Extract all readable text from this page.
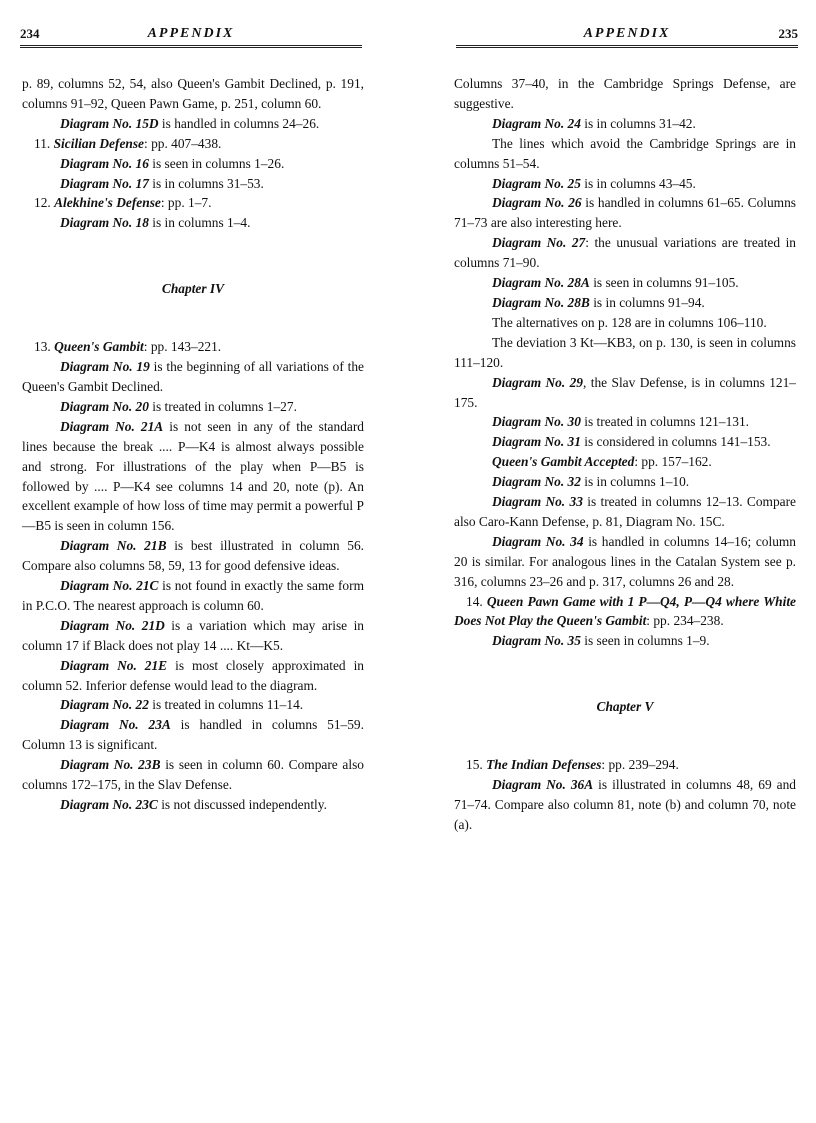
234	APPENDIX

p. 89, columns 52, 54, also Queen's Gambit Declined, p. 191, columns 91–92, Queen Pawn Game, p. 251, column 60.

Diagram No. 15D is handled in columns 24–26.

11. Sicilian Defense: pp. 407–438.

Diagram No. 16 is seen in columns 1–26.

Diagram No. 17 is in columns 31–53.

12. Alekhine's Defense: pp. 1–7.

Diagram No. 18 is in columns 1–4.

Chapter IV

13. Queen's Gambit: pp. 143–221.

Diagram No. 19 is the beginning of all variations of the Queen's Gambit Declined.

Diagram No. 20 is treated in columns 1–27.

Diagram No. 21A is not seen in any of the standard lines because the break .... P—K4 is almost always possible and strong. For illustrations of the play when P—B5 is followed by .... P—K4 see columns 14 and 20, note (p). An excellent example of how loss of time may permit a powerful P—B5 is seen in column 156.

Diagram No. 21B is best illustrated in column 56. Compare also columns 58, 59, 13 for good defensive ideas.

Diagram No. 21C is not found in exactly the same form in P.C.O. The nearest approach is column 60.

Diagram No. 21D is a variation which may arise in column 17 if Black does not play 14 .... Kt—K5.

Diagram No. 21E is most closely approximated in column 52. Inferior defense would lead to the diagram.

Diagram No. 22 is treated in columns 11–14.

Diagram No. 23A is handled in columns 51–59. Column 13 is significant.

Diagram No. 23B is seen in column 60. Compare also columns 172–175, in the Slav Defense.

Diagram No. 23C is not discussed independently.

235
APPENDIX

Columns 37–40, in the Cambridge Springs Defense, are suggestive.

Diagram No. 24 is in columns 31–42.

The lines which avoid the Cambridge Springs are in columns 51–54.

Diagram No. 25 is in columns 43–45.

Diagram No. 26 is handled in columns 61–65. Columns 71–73 are also interesting here.

Diagram No. 27: the unusual variations are treated in columns 71–90.

Diagram No. 28A is seen in columns 91–105.

Diagram No. 28B is in columns 91–94.

The alternatives on p. 128 are in columns 106–110.

The deviation 3 Kt—KB3, on p. 130, is seen in columns 111–120.

Diagram No. 29, the Slav Defense, is in columns 121–175.

Diagram No. 30 is treated in columns 121–131.

Diagram No. 31 is considered in columns 141–153.

Queen's Gambit Accepted: pp. 157–162.

Diagram No. 32 is in columns 1–10.

Diagram No. 33 is treated in columns 12–13. Compare also Caro-Kann Defense, p. 81, Diagram No. 15C.

Diagram No. 34 is handled in columns 14–16; column 20 is similar. For analogous lines in the Catalan System see p. 316, columns 23–26 and p. 317, columns 26 and 28.

14. Queen Pawn Game with 1 P—Q4, P—Q4 where White Does Not Play the Queen's Gambit: pp. 234–238.

Diagram No. 35 is seen in columns 1–9.

Chapter V

15. The Indian Defenses: pp. 239–294.

Diagram No. 36A is illustrated in columns 48, 69 and 71–74. Compare also column 81, note (b) and column 70, note (a).
